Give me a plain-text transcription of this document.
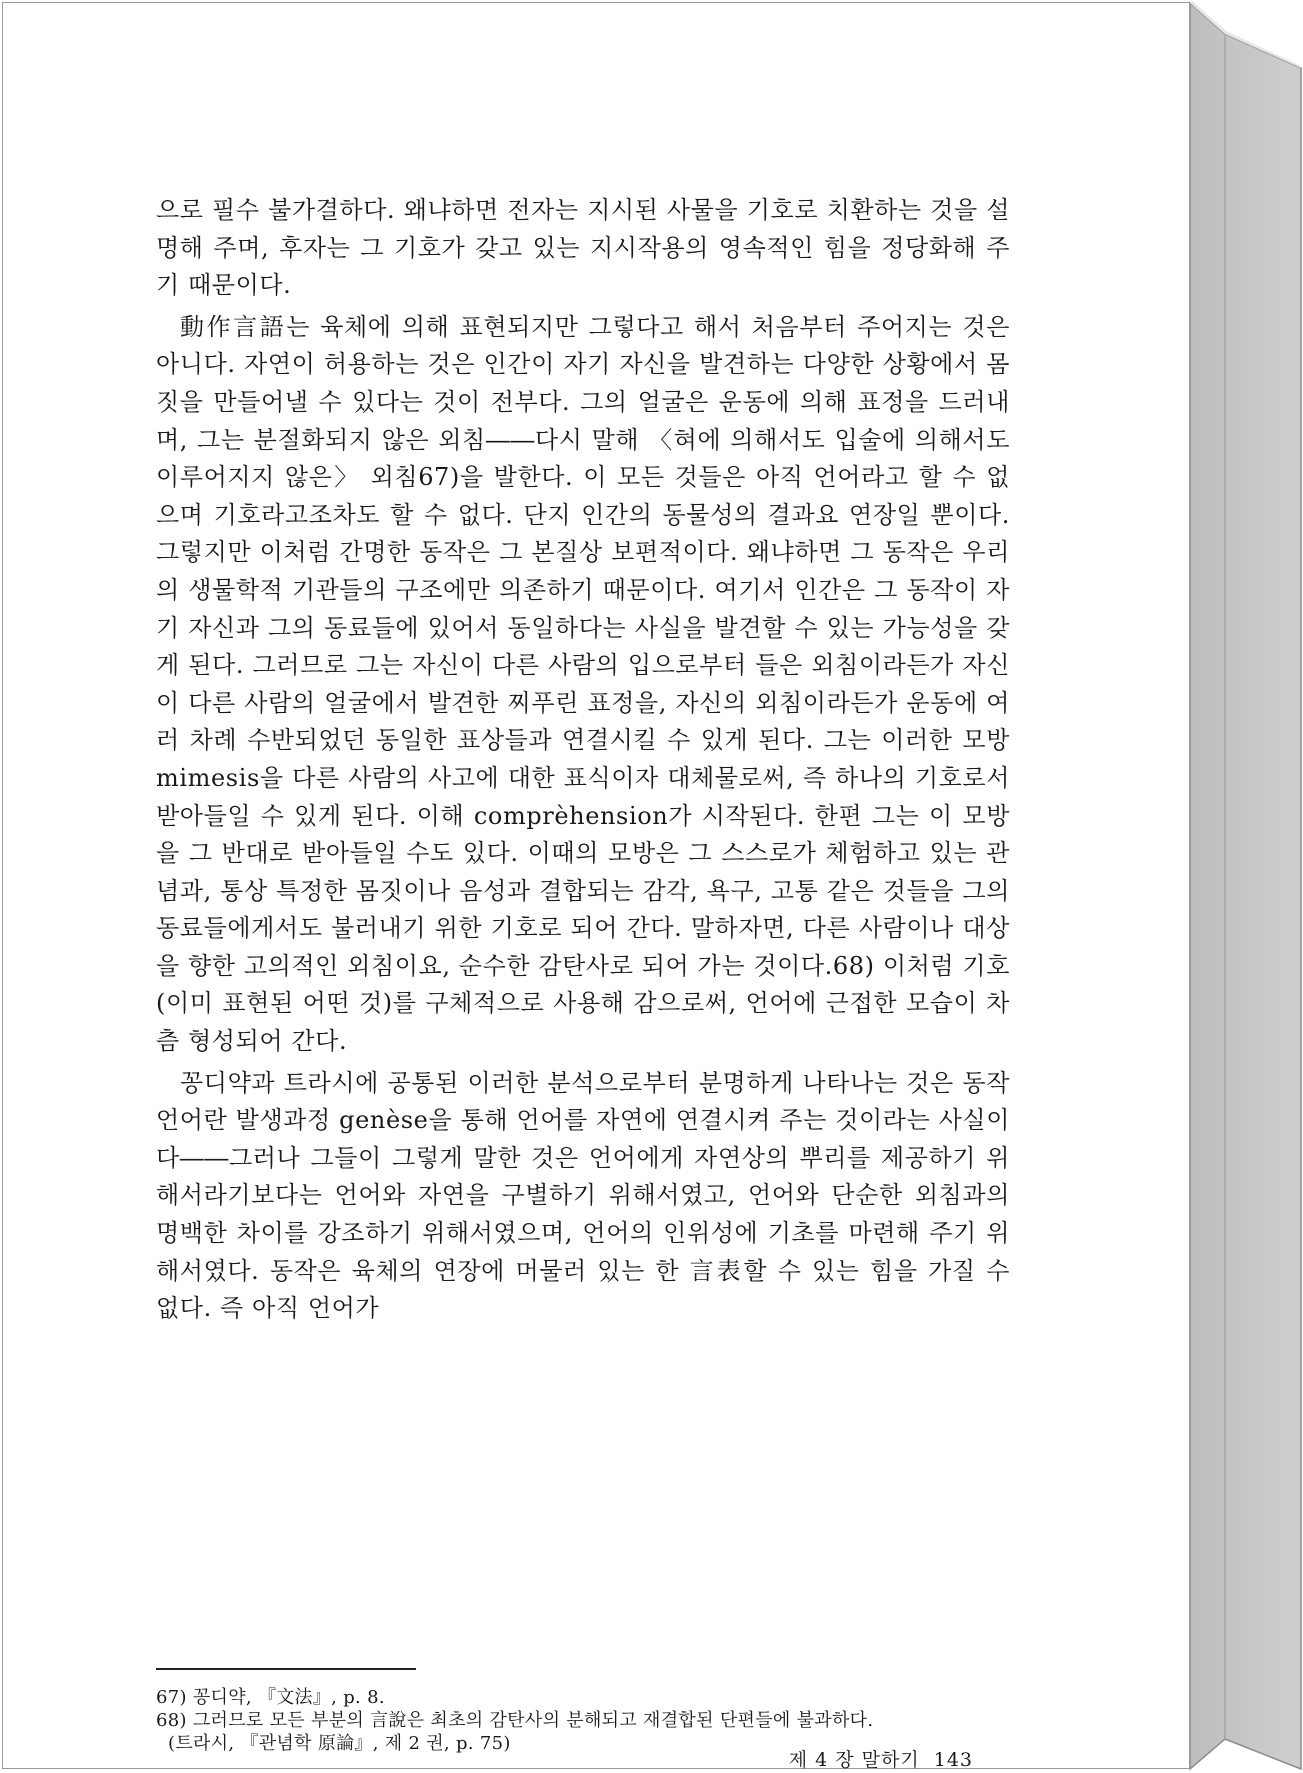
으로 필수 불가결하다. 왜냐하면 전자는 지시된 사물을 기호로 치환하는 것을 설명해 주며, 후자는 그 기호가 갖고 있는 지시작용의 영속적인 힘을 정당화해 주기 때문이다.

動作言語는 육체에 의해 표현되지만 그렇다고 해서 처음부터 주어지는 것은 아니다. 자연이 허용하는 것은 인간이 자기 자신을 발견하는 다양한 상황에서 몸짓을 만들어낼 수 있다는 것이 전부다. 그의 얼굴은 운동에 의해 표정을 드러내며, 그는 분절화되지 않은 외침――다시 말해 〈혀에 의해서도 입술에 의해서도 이루어지지 않은〉 외침67)을 발한다. 이 모든 것들은 아직 언어라고 할 수 없으며 기호라고조차도 할 수 없다. 단지 인간의 동물성의 결과요 연장일 뿐이다. 그렇지만 이처럼 간명한 동작은 그 본질상 보편적이다. 왜냐하면 그 동작은 우리의 생물학적 기관들의 구조에만 의존하기 때문이다. 여기서 인간은 그 동작이 자기 자신과 그의 동료들에 있어서 동일하다는 사실을 발견할 수 있는 가능성을 갖게 된다. 그러므로 그는 자신이 다른 사람의 입으로부터 들은 외침이라든가 자신이 다른 사람의 얼굴에서 발견한 찌푸린 표정을, 자신의 외침이라든가 운동에 여러 차례 수반되었던 동일한 표상들과 연결시킬 수 있게 된다. 그는 이러한 모방 mimesis을 다른 사람의 사고에 대한 표식이자 대체물로써, 즉 하나의 기호로서 받아들일 수 있게 된다. 이해 comprèhension가 시작된다. 한편 그는 이 모방을 그 반대로 받아들일 수도 있다. 이때의 모방은 그 스스로가 체험하고 있는 관념과, 통상 특정한 몸짓이나 음성과 결합되는 감각, 욕구, 고통 같은 것들을 그의 동료들에게서도 불러내기 위한 기호로 되어 간다. 말하자면, 다른 사람이나 대상을 향한 고의적인 외침이요, 순수한 감탄사로 되어 가는 것이다.68) 이처럼 기호(이미 표현된 어떤 것)를 구체적으로 사용해 감으로써, 언어에 근접한 모습이 차츰 형성되어 간다.

꽁디약과 트라시에 공통된 이러한 분석으로부터 분명하게 나타나는 것은 동작 언어란 발생과정 genèse을 통해 언어를 자연에 연결시켜 주는 것이라는 사실이다――그러나 그들이 그렇게 말한 것은 언어에게 자연상의 뿌리를 제공하기 위해서라기보다는 언어와 자연을 구별하기 위해서였고, 언어와 단순한 외침과의 명백한 차이를 강조하기 위해서였으며, 언어의 인위성에 기초를 마련해 주기 위해서였다. 동작은 육체의 연장에 머물러 있는 한 言表할 수 있는 힘을 가질 수 없다. 즉 아직 언어가

67) 꽁디약, 『文法』, p. 8.

68) 그러므로 모든 부분의 言說은 최초의 감탄사의 분해되고 재결합된 단편들에 불과하다.

(트라시, 『관념학 原論』, 제 2 권, p. 75)

제 4 장 말하기 143
